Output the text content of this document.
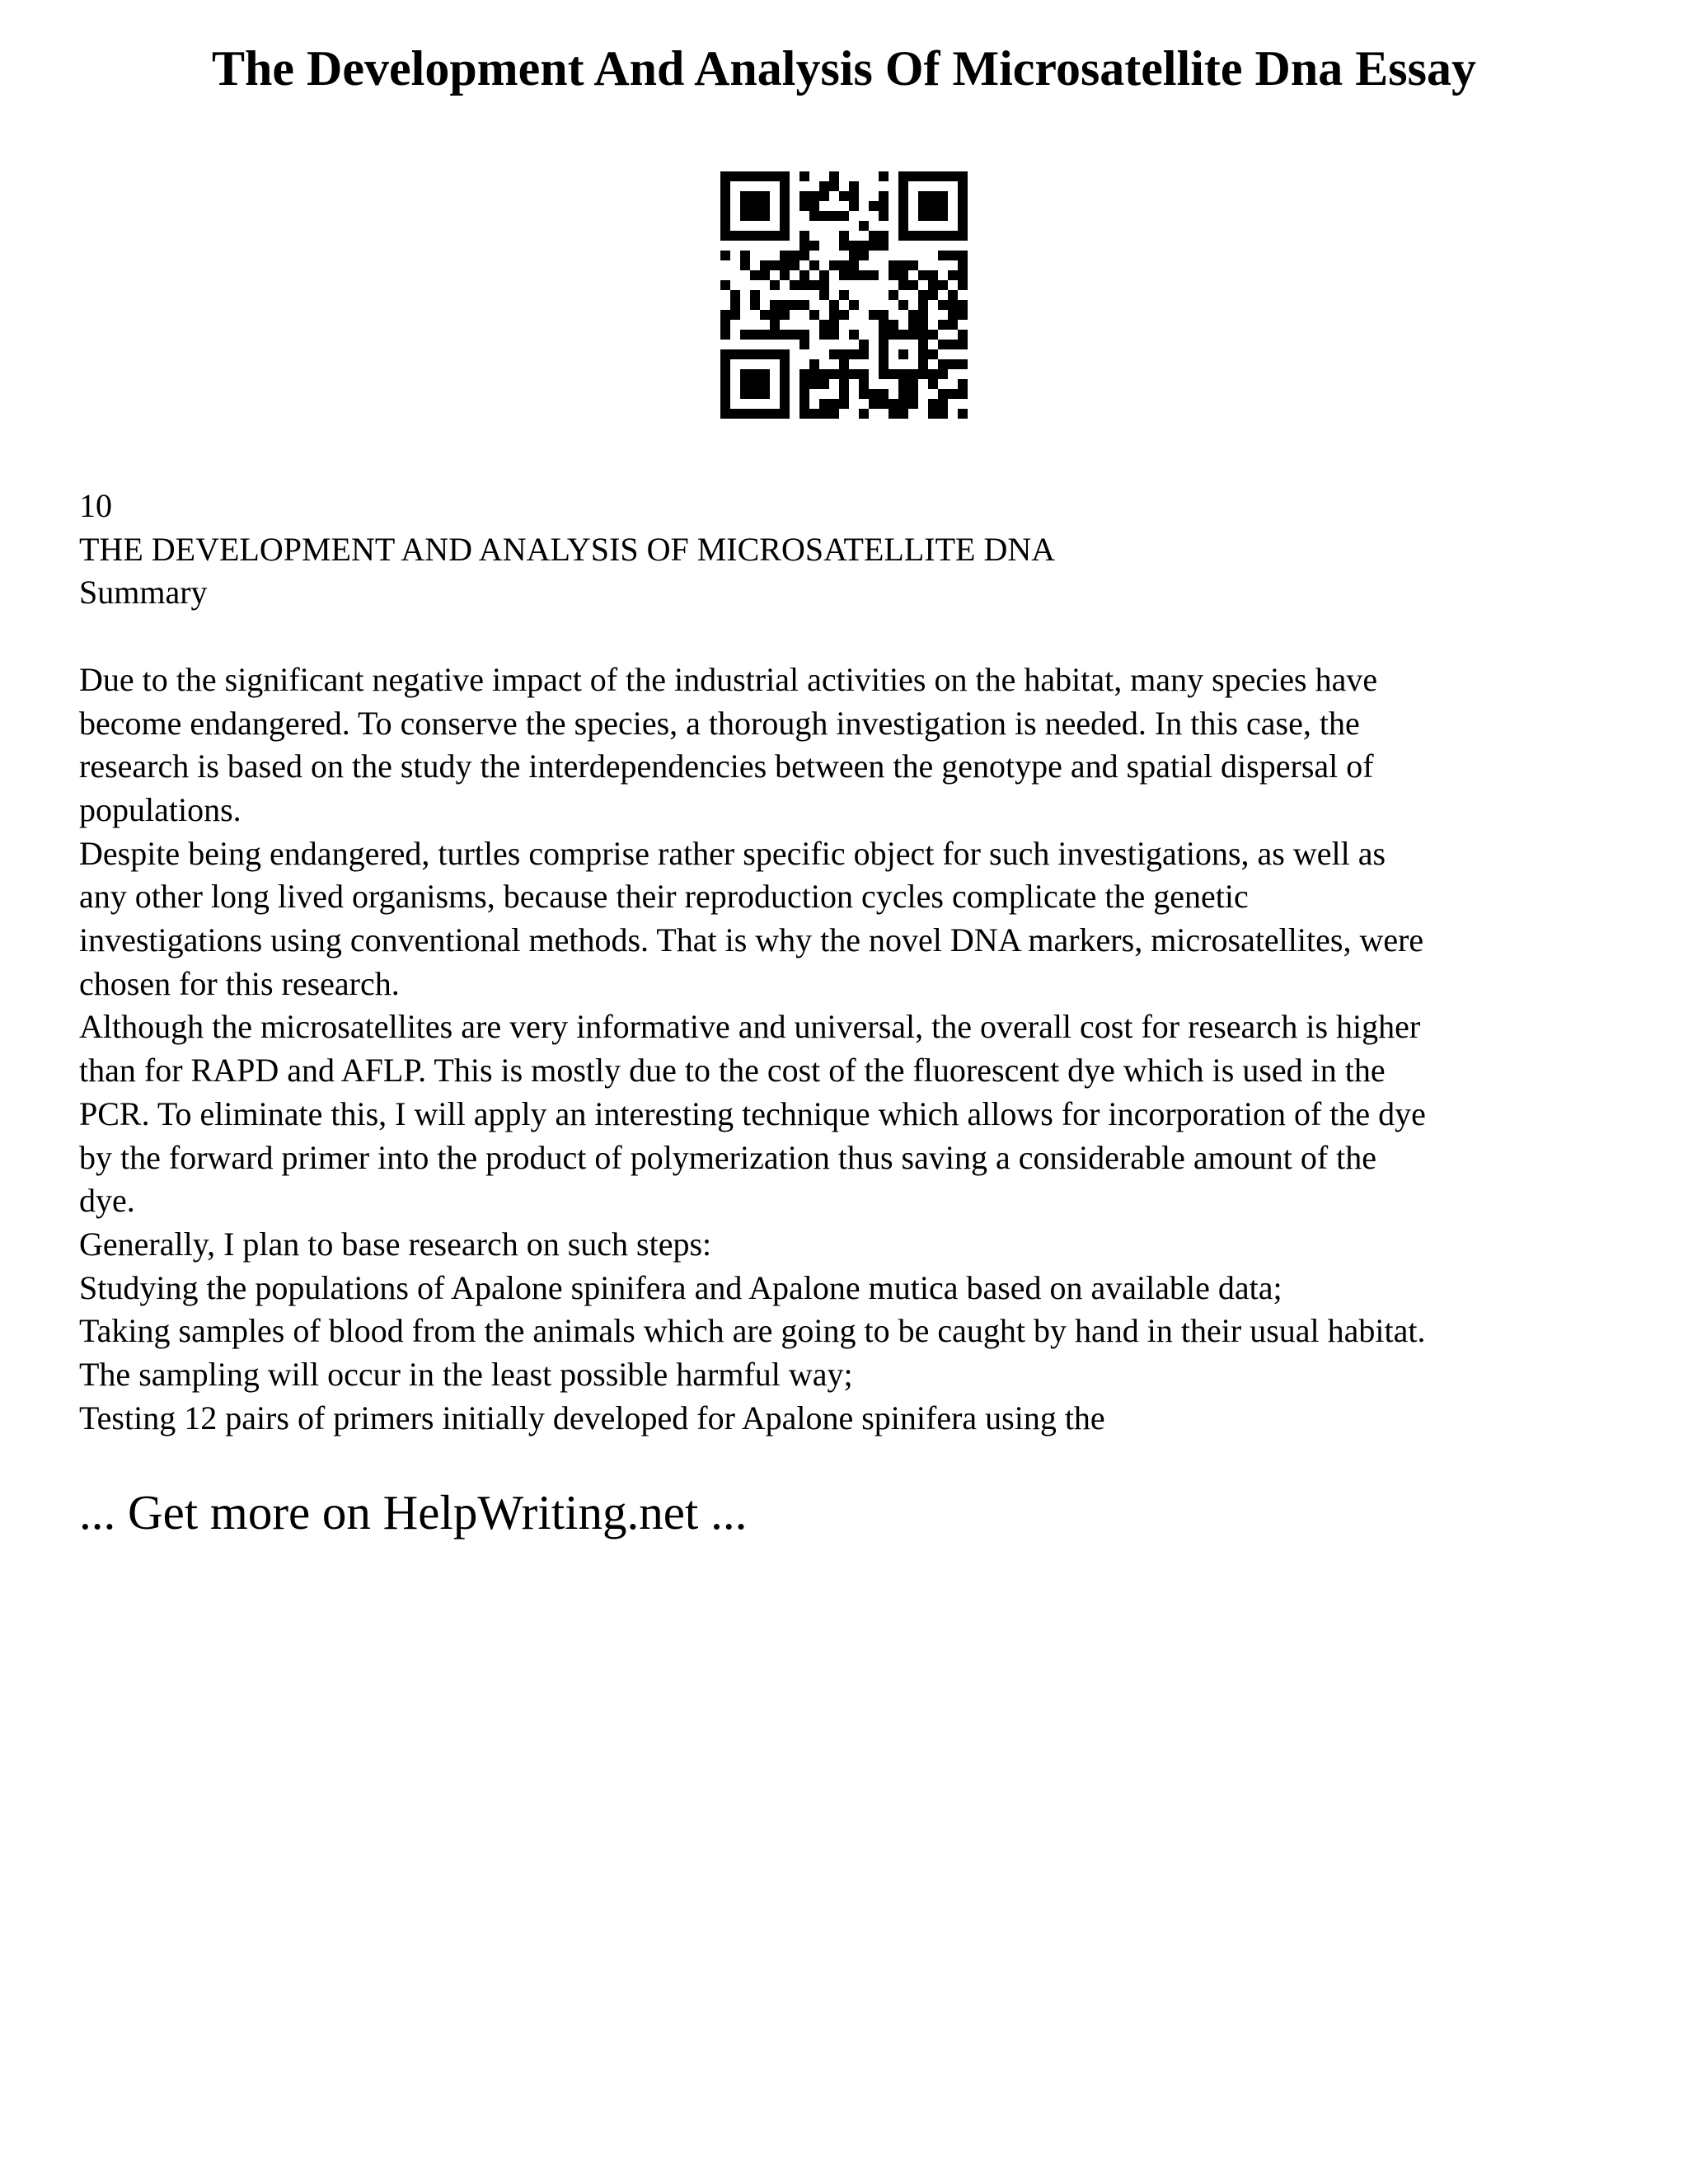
The Development And Analysis Of Microsatellite Dna Essay
10
THE DEVELOPMENT AND ANALYSIS OF MICROSATELLITE DNA
Summary
Due to the significant negative impact of the industrial activities on the habitat, many species have
become endangered. To conserve the species, a thorough investigation is needed. In this case, the
research is based on the study the interdependencies between the genotype and spatial dispersal of
populations.
Despite being endangered, turtles comprise rather specific object for such investigations, as well as
any other long lived organisms, because their reproduction cycles complicate the genetic
investigations using conventional methods. That is why the novel DNA markers, microsatellites, were
chosen for this research.
Although the microsatellites are very informative and universal, the overall cost for research is higher
than for RAPD and AFLP. This is mostly due to the cost of the fluorescent dye which is used in the
PCR. To eliminate this, I will apply an interesting technique which allows for incorporation of the dye
by the forward primer into the product of polymerization thus saving a considerable amount of the
dye.
Generally, I plan to base research on such steps:
Studying the populations of Apalone spinifera and Apalone mutica based on available data;
Taking samples of blood from the animals which are going to be caught by hand in their usual habitat.
The sampling will occur in the least possible harmful way;
Testing 12 pairs of primers initially developed for Apalone spinifera using the
... Get more on HelpWriting.net ...
